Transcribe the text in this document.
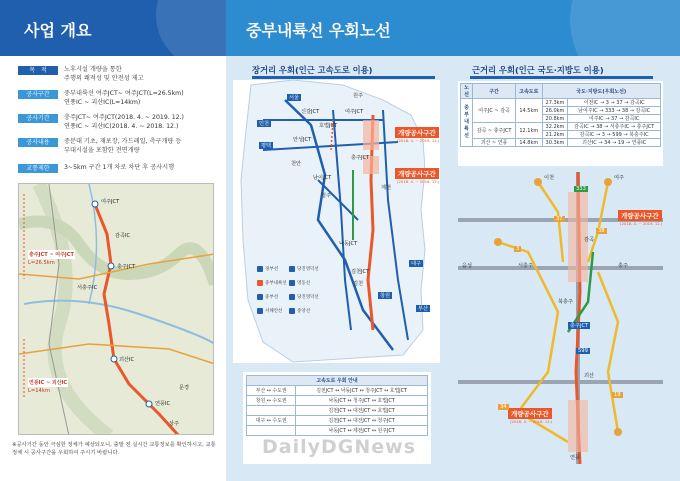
사업 개요
목　적	노후시설 개량을 통한
주행의 쾌적성 및 안전성 제고
공사구간	중부내륙선 여주JCT~ 여주JCT(L=26.5km)
연풍IC ~ 괴산IC(L=14km)
공사기간	충주JCT~ 여주JCT(2018. 4. ~ 2019. 12.)
연풍IC ~ 괴산IC(2018. 4. ~ 2018. 12.)
공사내용	중분대 기초, 재포장, 가드레일, 측구개량 등
부대시설을 포함한 전면개량
교통제한	3~5km 구간 1개 차로 차단 후 공사시행
충주JCT ~ 여주JCT
L=26.5km
연풍IC ~ 괴산IC
L=14km
여주JCT
감곡IC
충주JCT
서충주IC
괴산IC
연풍IC
상주
문경
※공사기간 동안 극심한 정체가 예상되오니, 출발 전 실시간 교통정보를 확인하시고, 교통정체 시 공사구간을 우회하여 주시기 바랍니다.
중부내륙선 우회노선
장거리 우회(인근 고속도로 이용)
서울
인천
평택
천안
청주
원주
제천
김천
대구
창원
부산
신갈JCT
호법JCT
여주JCT
안성JCT
남이JCT
낙동JCT
김천JCT
충주JCT
개량공사구간
(2018. 4. ~ 2019. 12.)
개량공사구간
(2018. 4. ~ 2018. 12.)
경부선	당진영덕선
중부내륙선 영동선
중부선	당진영덕선
서해안선	중앙선
고속도로 우회 안내	
부산 ↔ 수도권	김천JCT ↔ 낙동JCT ↔ 청주JCT ↔ 호법JCT
창원 ↔ 수도권	낙동JCT ↔ 청주JCT ↔ 호법JCT
	김천JCT ↔ 대전JCT ↔ 호법JCT
대구 ↔ 수도권	김천JCT ↔ 대전JCT ↔ 청주JCT
	낙동JCT ↔ 제천JCT ↔ 원주JCT
근거리 우회(인근 국도·지방도 이용)
노선	구간	고속도로	국도·지방도(우회노선)	
중부내륙선	여주JC ~ 감곡	14.5km	27.3km	이천IC → 3 → 37 → 감곡IC
			26.0km	남여주IC → 333 → 38 → 감곡IC
			20.8km	여주IC → 37 → 감곡IC
	감곡 ~ 충주JCT	12.1km	32.2km	감곡IC → 38 → 서충주IC → 충주JCT
			21.2km	감곡IC → 3 → 599 → 북충주IC
	괴산 ~ 연풍	14.8km	30.3km	괴산IC → 34 → 19 → 연풍IC
이천	여주
감곡
음성	서충주	충주
북충주
괴산
연풍
충주JCT
개량공사구간
(2018. 4. ~ 2019. 12.)
개량공사구간
(2018. 4. ~ 2018. 12.)
333
37
38
3
599
34
19
DailyDGNews
